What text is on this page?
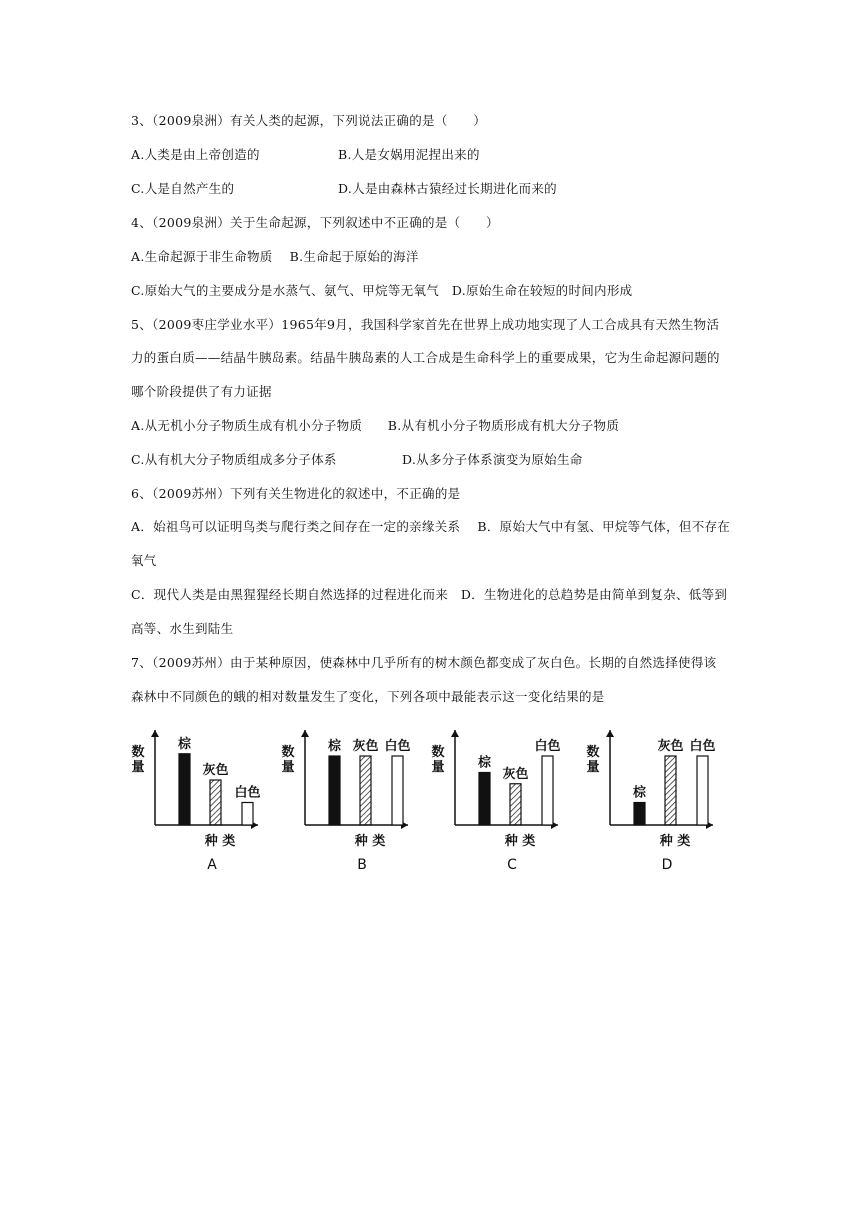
3、（2009泉洲）有关人类的起源，下列说法正确的是（　　）
A.人类是由上帝创造的	B.人是女娲用泥捏出来的
C.人是自然产生的	D.人是由森林古猿经过长期进化而来的
4、（2009泉洲）关于生命起源，下列叙述中不正确的是（　　）
A.生命起源于非生命物质　 B.生命起于原始的海洋
C.原始大气的主要成分是水蒸气、氨气、甲烷等无氧气　D.原始生命在较短的时间内形成
5、（2009枣庄学业水平）1965年9月，我国科学家首先在世界上成功地实现了人工合成具有天然生物活
力的蛋白质——结晶牛胰岛素。结晶牛胰岛素的人工合成是生命科学上的重要成果，它为生命起源问题的
哪个阶段提供了有力证据
A.从无机小分子物质生成有机小分子物质　　B.从有机小分子物质形成有机大分子物质
C.从有机大分子物质组成多分子体系	D.从多分子体系演变为原始生命
6、（2009苏州）下列有关生物进化的叙述中，不正确的是
A．始祖鸟可以证明鸟类与爬行类之间存在一定的亲缘关系　 B．原始大气中有氢、甲烷等气体，但不存在
氧气
C．现代人类是由黑猩猩经长期自然选择的过程进化而来　D．生物进化的总趋势是由简单到复杂、低等到
高等、水生到陆生
7、（2009苏州）由于某种原因，使森林中几乎所有的树木颜色都变成了灰白色。长期的自然选择使得该
森林中不同颜色的蛾的相对数量发生了变化，下列各项中最能表示这一变化结果的是
数
量
种 类
棕
灰色
白色
A
数
量
种 类
棕 灰色 白色
B
数
量
种 类
棕
灰色
白色
C
数
量
种 类
棕
灰色 白色
D
